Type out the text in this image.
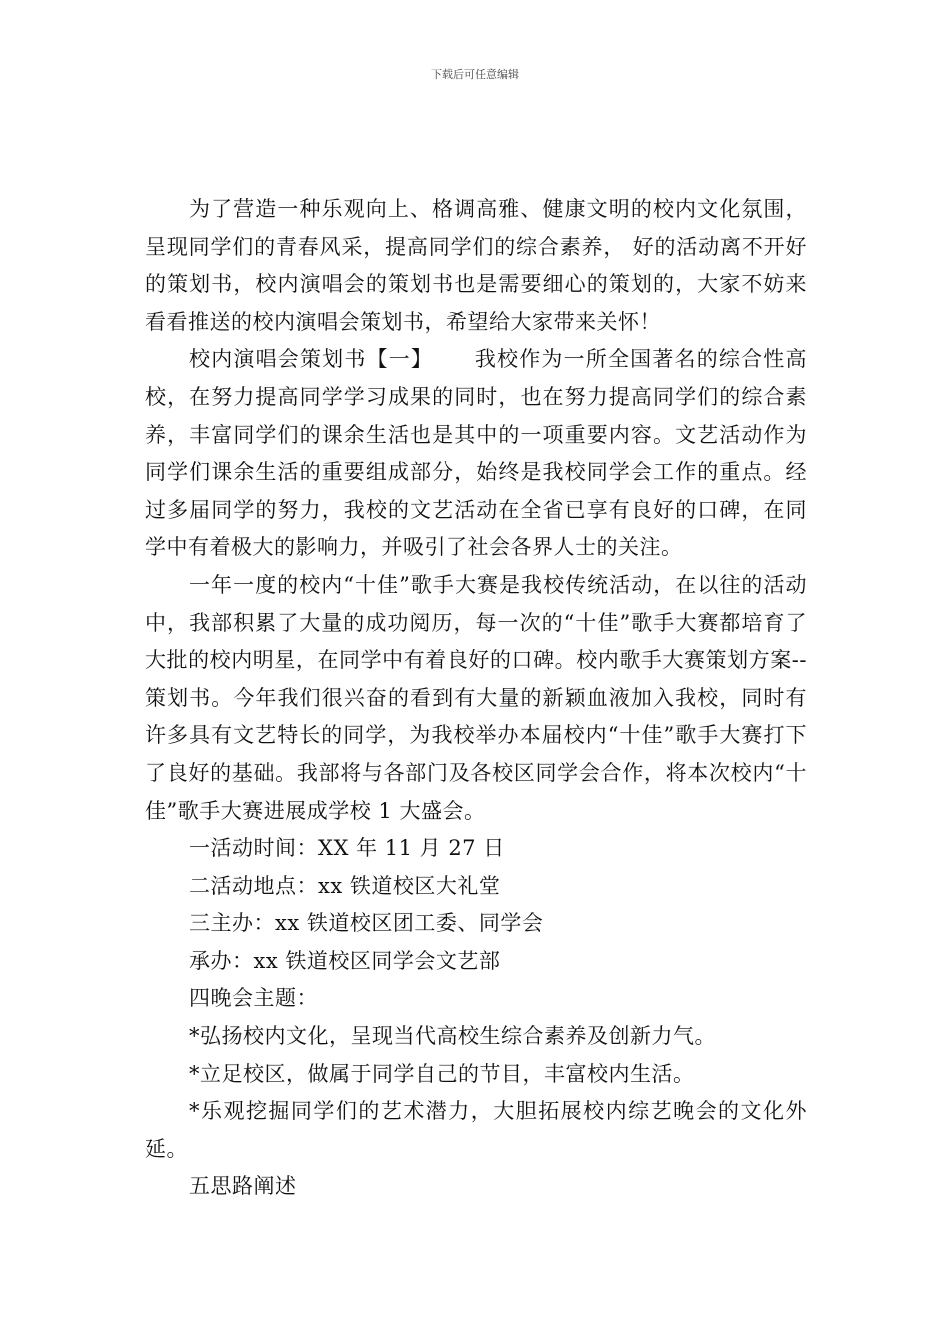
下载后可任意编辑

为了营造一种乐观向上、格调高雅、健康文明的校内文化氛围，呈现同学们的青春风采，提高同学们的综合素养， 好的活动离不开好的策划书，校内演唱会的策划书也是需要细心的策划的，大家不妨来看看推送的校内演唱会策划书，希望给大家带来关怀！

校内演唱会策划书【一】　　 我校作为一所全国著名的综合性高校，在努力提高同学学习成果的同时，也在努力提高同学们的综合素养，丰富同学们的课余生活也是其中的一项重要内容。文艺活动作为同学们课余生活的重要组成部分，始终是我校同学会工作的重点。经过多届同学的努力，我校的文艺活动在全省已享有良好的口碑，在同学中有着极大的影响力，并吸引了社会各界人士的关注。

一年一度的校内“十佳”歌手大赛是我校传统活动，在以往的活动中，我部积累了大量的成功阅历，每一次的“十佳”歌手大赛都培育了大批的校内明星，在同学中有着良好的口碑。校内歌手大赛策划方案--策划书。今年我们很兴奋的看到有大量的新颖血液加入我校，同时有许多具有文艺特长的同学，为我校举办本届校内“十佳”歌手大赛打下了良好的基础。我部将与各部门及各校区同学会合作，将本次校内“十佳”歌手大赛进展成学校 1 大盛会。

一活动时间：XX 年 11 月 27 日

二活动地点：xx 铁道校区大礼堂

三主办：xx 铁道校区团工委、同学会

承办：xx 铁道校区同学会文艺部

四晚会主题：

*弘扬校内文化，呈现当代高校生综合素养及创新力气。

*立足校区，做属于同学自己的节目，丰富校内生活。

*乐观挖掘同学们的艺术潜力，大胆拓展校内综艺晚会的文化外延。

五思路阐述
